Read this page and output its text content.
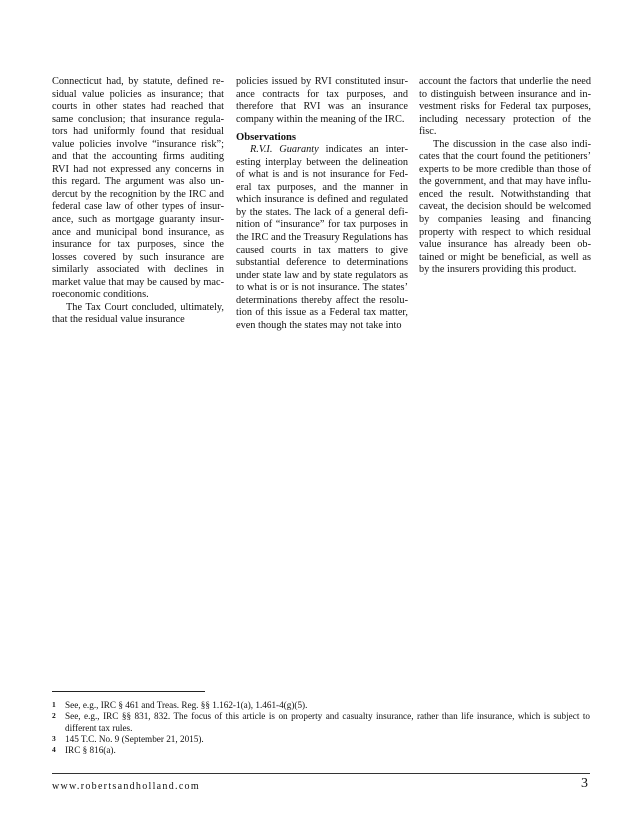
Connecticut had, by statute, defined residual value policies as insurance; that courts in other states had reached that same conclusion; that insurance regulators had uniformly found that residual value policies involve “insurance risk”; and that the accounting firms auditing RVI had not expressed any concerns in this regard. The argument was also undercut by the recognition by the IRC and federal case law of other types of insurance, such as mortgage guaranty insurance and municipal bond insurance, as insurance for tax purposes, since the losses covered by such insurance are similarly associated with declines in market value that may be caused by macroeconomic conditions.

The Tax Court concluded, ultimately, that the residual value insurance

policies issued by RVI constituted insurance contracts for tax purposes, and therefore that RVI was an insurance company within the meaning of the IRC.

Observations

R.V.I. Guaranty indicates an interesting interplay between the delineation of what is and is not insurance for Federal tax purposes, and the manner in which insurance is defined and regulated by the states. The lack of a general definition of “insurance” for tax purposes in the IRC and the Treasury Regulations has caused courts in tax matters to give substantial deference to determinations under state law and by state regulators as to what is or is not insurance. The states’ determinations thereby affect the resolution of this issue as a Federal tax matter, even though the states may not take into

account the factors that underlie the need to distinguish between insurance and investment risks for Federal tax purposes, including necessary protection of the fisc.

The discussion in the case also indicates that the court found the petitioners’ experts to be more credible than those of the government, and that may have influenced the result. Notwithstanding that caveat, the decision should be welcomed by companies leasing and financing property with respect to which residual value insurance has already been obtained or might be beneficial, as well as by the insurers providing this product.

1 See, e.g., IRC § 461 and Treas. Reg. §§ 1.162-1(a), 1.461-4(g)(5).
2 See, e.g., IRC §§ 831, 832. The focus of this article is on property and casualty insurance, rather than life insurance, which is subject to different tax rules.
3 145 T.C. No. 9 (September 21, 2015).
4 IRC § 816(a).
www.robertsandholland.com	3
